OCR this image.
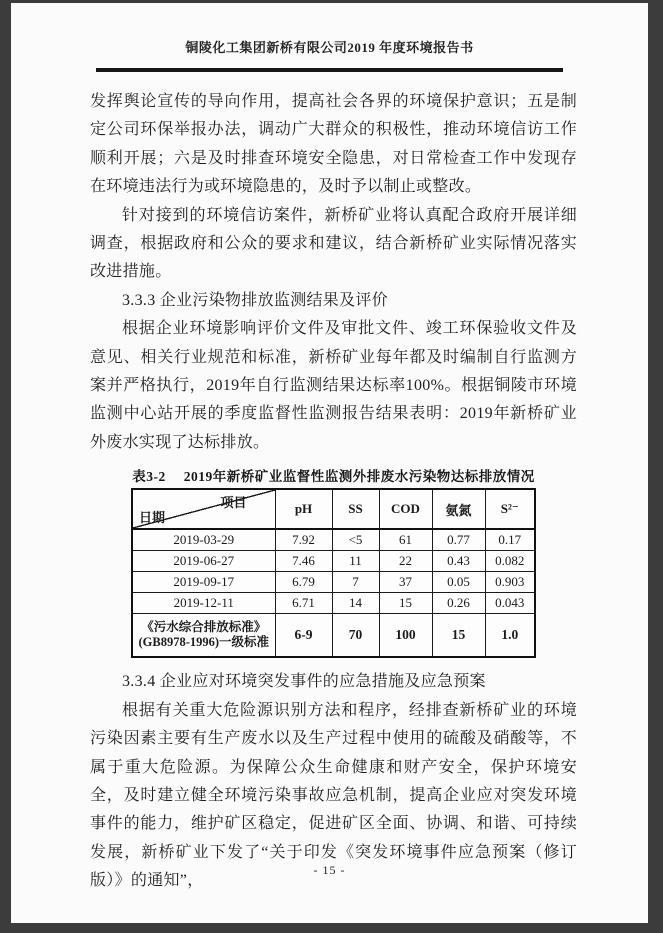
铜陵化工集团新桥有限公司2019 年度环境报告书

发挥舆论宣传的导向作用，提高社会各界的环境保护意识；五是制定公司环保举报办法，调动广大群众的积极性，推动环境信访工作顺利开展；六是及时排查环境安全隐患，对日常检查工作中发现存在环境违法行为或环境隐患的，及时予以制止或整改。

针对接到的环境信访案件，新桥矿业将认真配合政府开展详细调查，根据政府和公众的要求和建议，结合新桥矿业实际情况落实改进措施。

3.3.3 企业污染物排放监测结果及评价

根据企业环境影响评价文件及审批文件、竣工环保验收文件及意见、相关行业规范和标准，新桥矿业每年都及时编制自行监测方案并严格执行，2019年自行监测结果达标率100%。根据铜陵市环境监测中心站开展的季度监督性监测报告结果表明：2019年新桥矿业外废水实现了达标排放。

表3-2 2019年新桥矿业监督性监测外排废水污染物达标排放情况
项目
日期	pH	SS	COD	氨氮	S²⁻
2019-03-29	7.92	<5	61	0.77	0.17
2019-06-27	7.46	11	22	0.43	0.082
2019-09-17	6.79	7	37	0.05	0.903
2019-12-11	6.71	14	15	0.26	0.043

《污水综合排放标准》
(GB8978-1996)一级标准	6-9	70	100	15	1.0

3.3.4 企业应对环境突发事件的应急措施及应急预案

根据有关重大危险源识别方法和程序，经排查新桥矿业的环境污染因素主要有生产废水以及生产过程中使用的硫酸及硝酸等，不属于重大危险源。为保障公众生命健康和财产安全，保护环境安全，及时建立健全环境污染事故应急机制，提高企业应对突发环境事件的能力，维护矿区稳定，促进矿区全面、协调、和谐、可持续发展，新桥矿业下发了“关于印发《突发环境事件应急预案（修订版）》的通知”，

- 15 -
